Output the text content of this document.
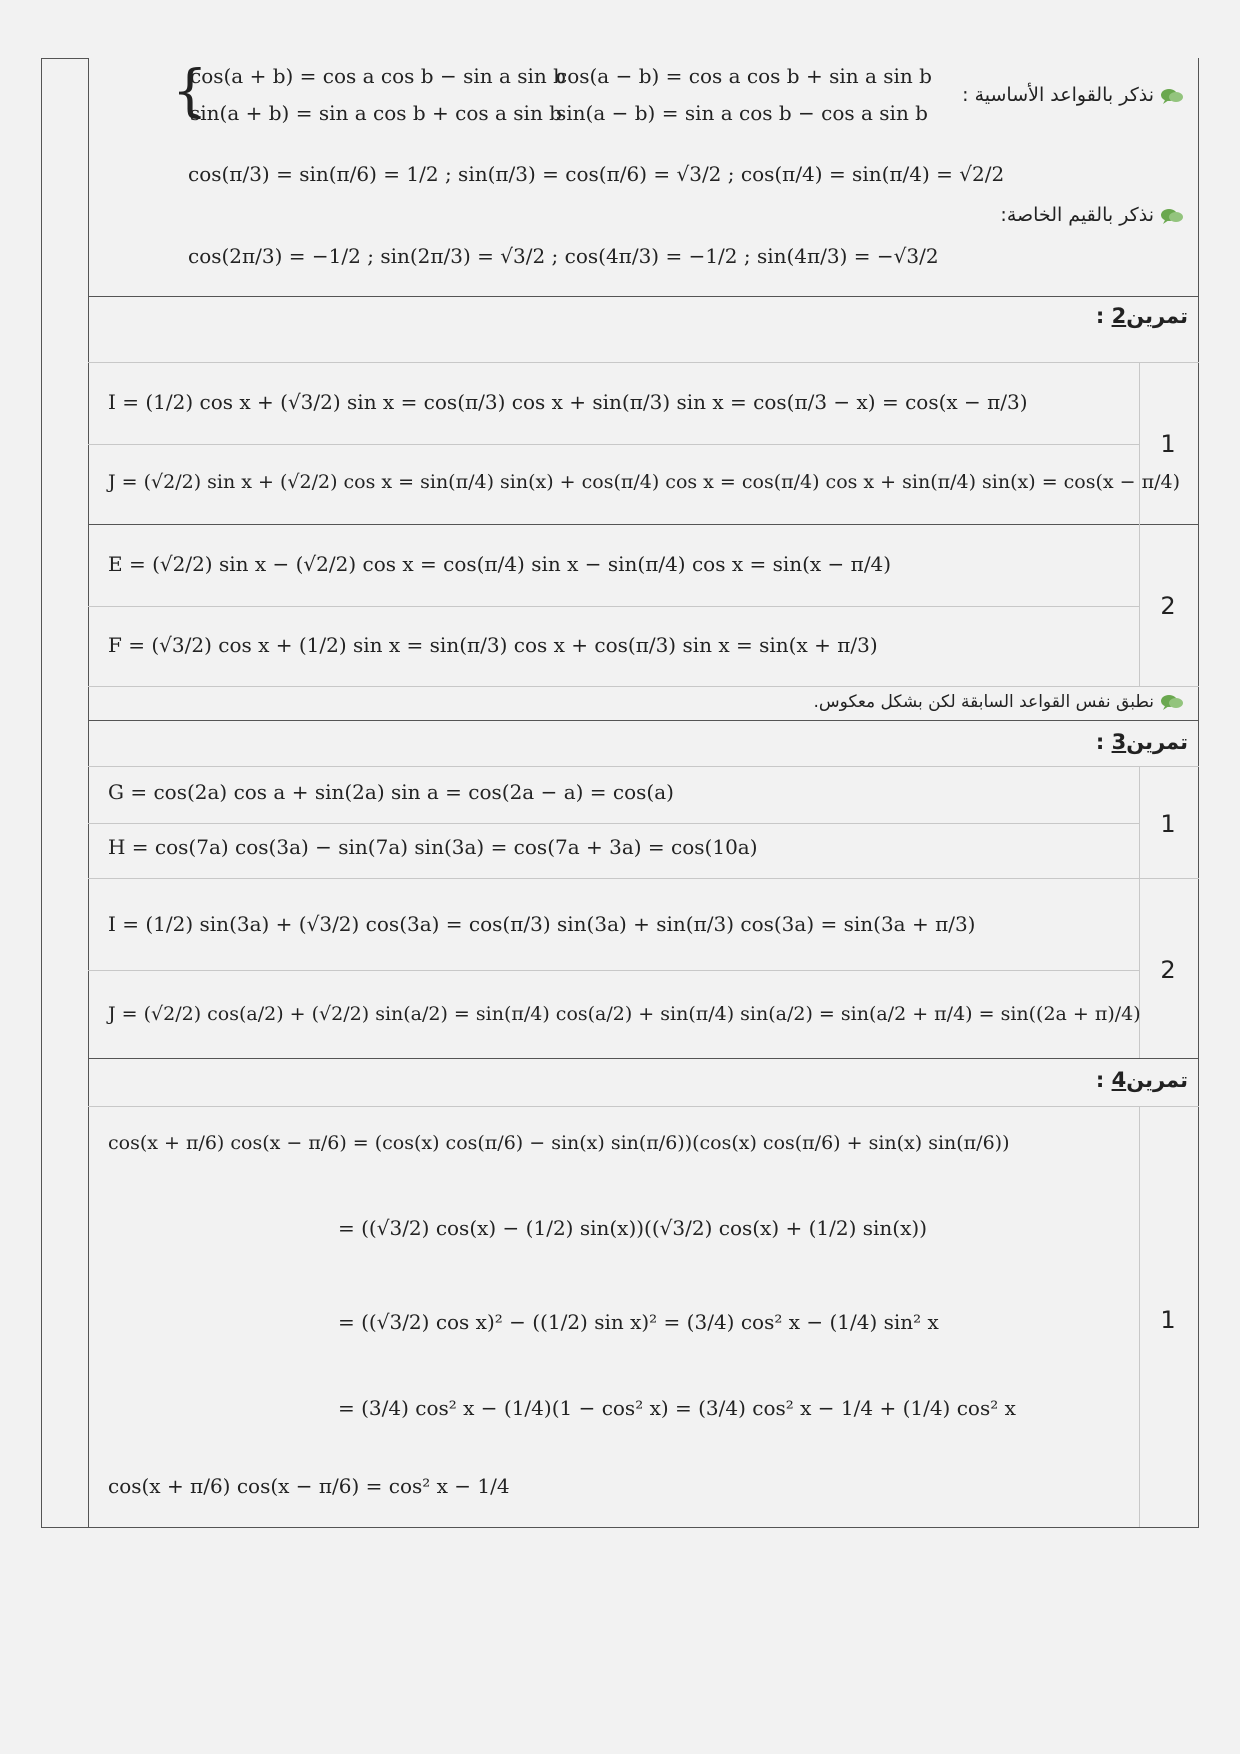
نذكر بالقواعد الأساسية :
نذكر بالقيم الخاصة:
{
cos(a + b) = cos a cos b − sin a sin b
cos(a − b) = cos a cos b + sin a sin b
sin(a + b) = sin a cos b + cos a sin b
sin(a − b) = sin a cos b − cos a sin b
cos(π/3) = sin(π/6) = 1/2 ; sin(π/3) = cos(π/6) = √3/2 ; cos(π/4) = sin(π/4) = √2/2
cos(2π/3) = −1/2 ; sin(2π/3) = √3/2 ; cos(4π/3) = −1/2 ; sin(4π/3) = −√3/2
تمرين2 :
I = (1/2) cos x + (√3/2) sin x = cos(π/3) cos x + sin(π/3) sin x = cos(π/3 − x) = cos(x − π/3)
J = (√2/2) sin x + (√2/2) cos x = sin(π/4) sin(x) + cos(π/4) cos x = cos(π/4) cos x + sin(π/4) sin(x) = cos(x − π/4)
E = (√2/2) sin x − (√2/2) cos x = cos(π/4) sin x − sin(π/4) cos x = sin(x − π/4)
F = (√3/2) cos x + (1/2) sin x = sin(π/3) cos x + cos(π/3) sin x = sin(x + π/3)
1
2
نطبق نفس القواعد السابقة لكن بشكل معكوس.
تمرين3 :
G = cos(2a) cos a + sin(2a) sin a = cos(2a − a) = cos(a)
H = cos(7a) cos(3a) − sin(7a) sin(3a) = cos(7a + 3a) = cos(10a)
I = (1/2) sin(3a) + (√3/2) cos(3a) = cos(π/3) sin(3a) + sin(π/3) cos(3a) = sin(3a + π/3)
J = (√2/2) cos(a/2) + (√2/2) sin(a/2) = sin(π/4) cos(a/2) + sin(π/4) sin(a/2) = sin(a/2 + π/4) = sin((2a + π)/4)
1
2
تمرين4 :
cos(x + π/6) cos(x − π/6) = (cos(x) cos(π/6) − sin(x) sin(π/6))(cos(x) cos(π/6) + sin(x) sin(π/6))
= ((√3/2) cos(x) − (1/2) sin(x))((√3/2) cos(x) + (1/2) sin(x))
= ((√3/2) cos x)² − ((1/2) sin x)² = (3/4) cos² x − (1/4) sin² x
= (3/4) cos² x − (1/4)(1 − cos² x) = (3/4) cos² x − 1/4 + (1/4) cos² x
cos(x + π/6) cos(x − π/6) = cos² x − 1/4
1
